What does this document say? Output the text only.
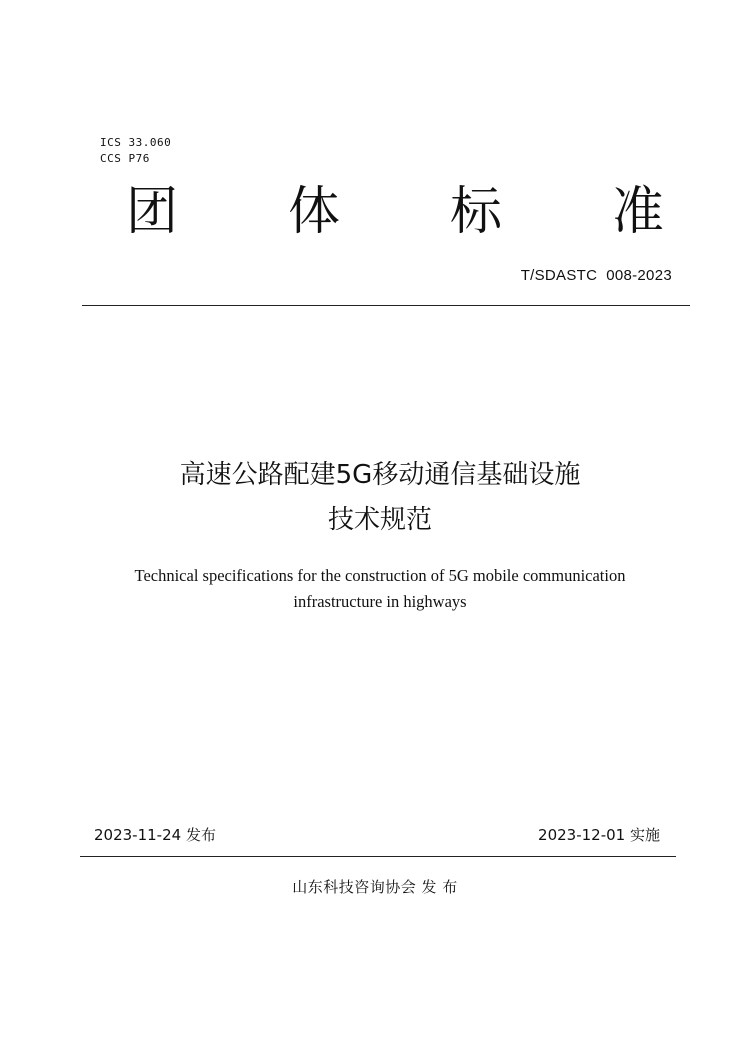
ICS 33.060
CCS P76
团 体 标 准
T/SDASTC  008-2023
高速公路配建5G移动通信基础设施
技术规范
Technical specifications for the construction of 5G mobile communication
infrastructure in highways
2023-11-24 发布	2023-12-01 实施
山东科技咨询协会 发 布
